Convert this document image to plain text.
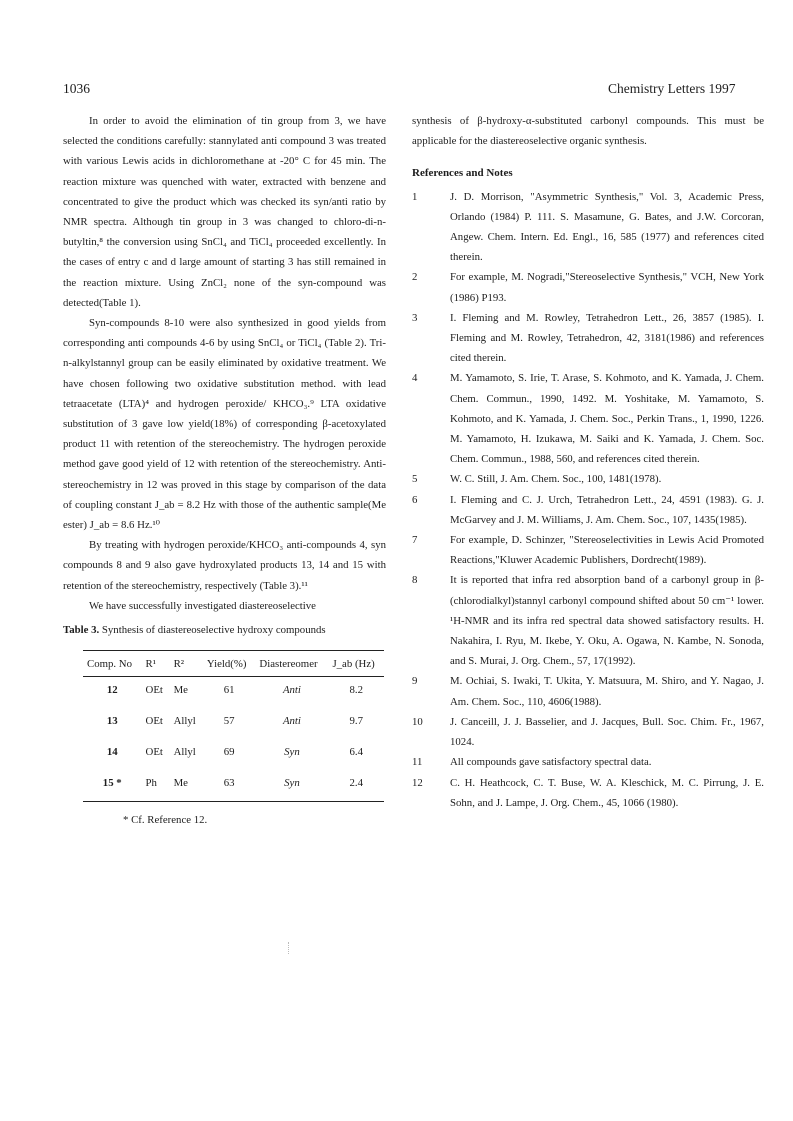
1036	Chemistry Letters 1997

In order to avoid the elimination of tin group from 3, we have selected the conditions carefully: stannylated anti compound 3 was treated with various Lewis acids in dichloromethane at -20° C for 45 min. The reaction mixture was quenched with water, extracted with benzene and concentrated to give the product which was checked its syn/anti ratio by NMR spectra. Although tin group in 3 was changed to chloro-di-n-butyltin,⁸ the conversion using SnCl₄ and TiCl₄ proceeded excellently. In the cases of entry c and d large amount of starting 3 has still remained in the reaction mixture. Using ZnCl₂ none of the syn-compound was detected(Table 1).

Syn-compounds 8-10 were also synthesized in good yields from corresponding anti compounds 4-6 by using SnCl₄ or TiCl₄ (Table 2). Tri-n-alkylstannyl group can be easily eliminated by oxidative treatment. We have chosen following two oxidative substitution method. with lead tetraacetate (LTA)⁴ and hydrogen peroxide/ KHCO₃.⁹ LTA oxidative substitution of 3 gave low yield(18%) of corresponding β-acetoxylated product 11 with retention of the stereochemistry. The hydrogen peroxide method gave good yield of 12 with retention of the stereochemistry. Anti-stereochemistry in 12 was proved in this stage by comparison of the data of coupling constant J_ab = 8.2 Hz with those of the authentic sample(Me ester) J_ab = 8.6 Hz.¹⁰

By treating with hydrogen peroxide/KHCO₃ anti-compounds 4, syn compounds 8 and 9 also gave hydroxylated products 13, 14 and 15 with retention of the stereochemistry, respectively (Table 3).¹¹

We have successfully investigated diastereoselective

Table 3. Synthesis of diastereoselective hydroxy compounds
Comp. No	R¹	R²	Yield(%)	Diastereomer	J_ab (Hz)
12	OEt	Me	61	Anti	8.2
13	OEt	Allyl	57	Anti	9.7
14	OEt	Allyl	69	Syn	6.4
15 *	Ph	Me	63	Syn	2.4
* Cf. Reference 12.

synthesis of β-hydroxy-α-substituted carbonyl compounds. This must be applicable for the diastereoselective organic synthesis.

References and Notes
1	J. D. Morrison, "Asymmetric Synthesis," Vol. 3, Academic Press, Orlando (1984) P. 111. S. Masamune, G. Bates, and J.W. Corcoran, Angew. Chem. Intern. Ed. Engl., 16, 585 (1977) and references cited therein.
2	For example, M. Nogradi,"Stereoselective Synthesis," VCH, New York (1986) P193.
3	I. Fleming and M. Rowley, Tetrahedron Lett., 26, 3857 (1985). I. Fleming and M. Rowley, Tetrahedron, 42, 3181(1986) and references cited therein.
4	M. Yamamoto, S. Irie, T. Arase, S. Kohmoto, and K. Yamada, J. Chem. Chem. Commun., 1990, 1492. M. Yoshitake, M. Yamamoto, S. Kohmoto, and K. Yamada, J. Chem. Soc., Perkin Trans., 1, 1990, 1226. M. Yamamoto, H. Izukawa, M. Saiki and K. Yamada, J. Chem. Soc. Chem. Commun., 1988, 560, and references cited therein.
5	W. C. Still, J. Am. Chem. Soc., 100, 1481(1978).
6	I. Fleming and C. J. Urch, Tetrahedron Lett., 24, 4591 (1983). G. J. McGarvey and J. M. Williams, J. Am. Chem. Soc., 107, 1435(1985).
7	For example, D. Schinzer, "Stereoselectivities in Lewis Acid Promoted Reactions,"Kluwer Academic Publishers, Dordrecht(1989).
8	It is reported that infra red absorption band of a carbonyl group in β-(chlorodialkyl)stannyl carbonyl compound shifted about 50 cm⁻¹ lower. ¹H-NMR and its infra red spectral data showed satisfactory results. H. Nakahira, I. Ryu, M. Ikebe, Y. Oku, A. Ogawa, N. Kambe, N. Sonoda, and S. Murai, J. Org. Chem., 57, 17(1992).
9	M. Ochiai, S. Iwaki, T. Ukita, Y. Matsuura, M. Shiro, and Y. Nagao, J. Am. Chem. Soc., 110, 4606(1988).
10	J. Canceill, J. J. Basselier, and J. Jacques, Bull. Soc. Chim. Fr., 1967, 1024.
11	All compounds gave satisfactory spectral data.
12	C. H. Heathcock, C. T. Buse, W. A. Kleschick, M. C. Pirrung, J. E. Sohn, and J. Lampe, J. Org. Chem., 45, 1066 (1980).
